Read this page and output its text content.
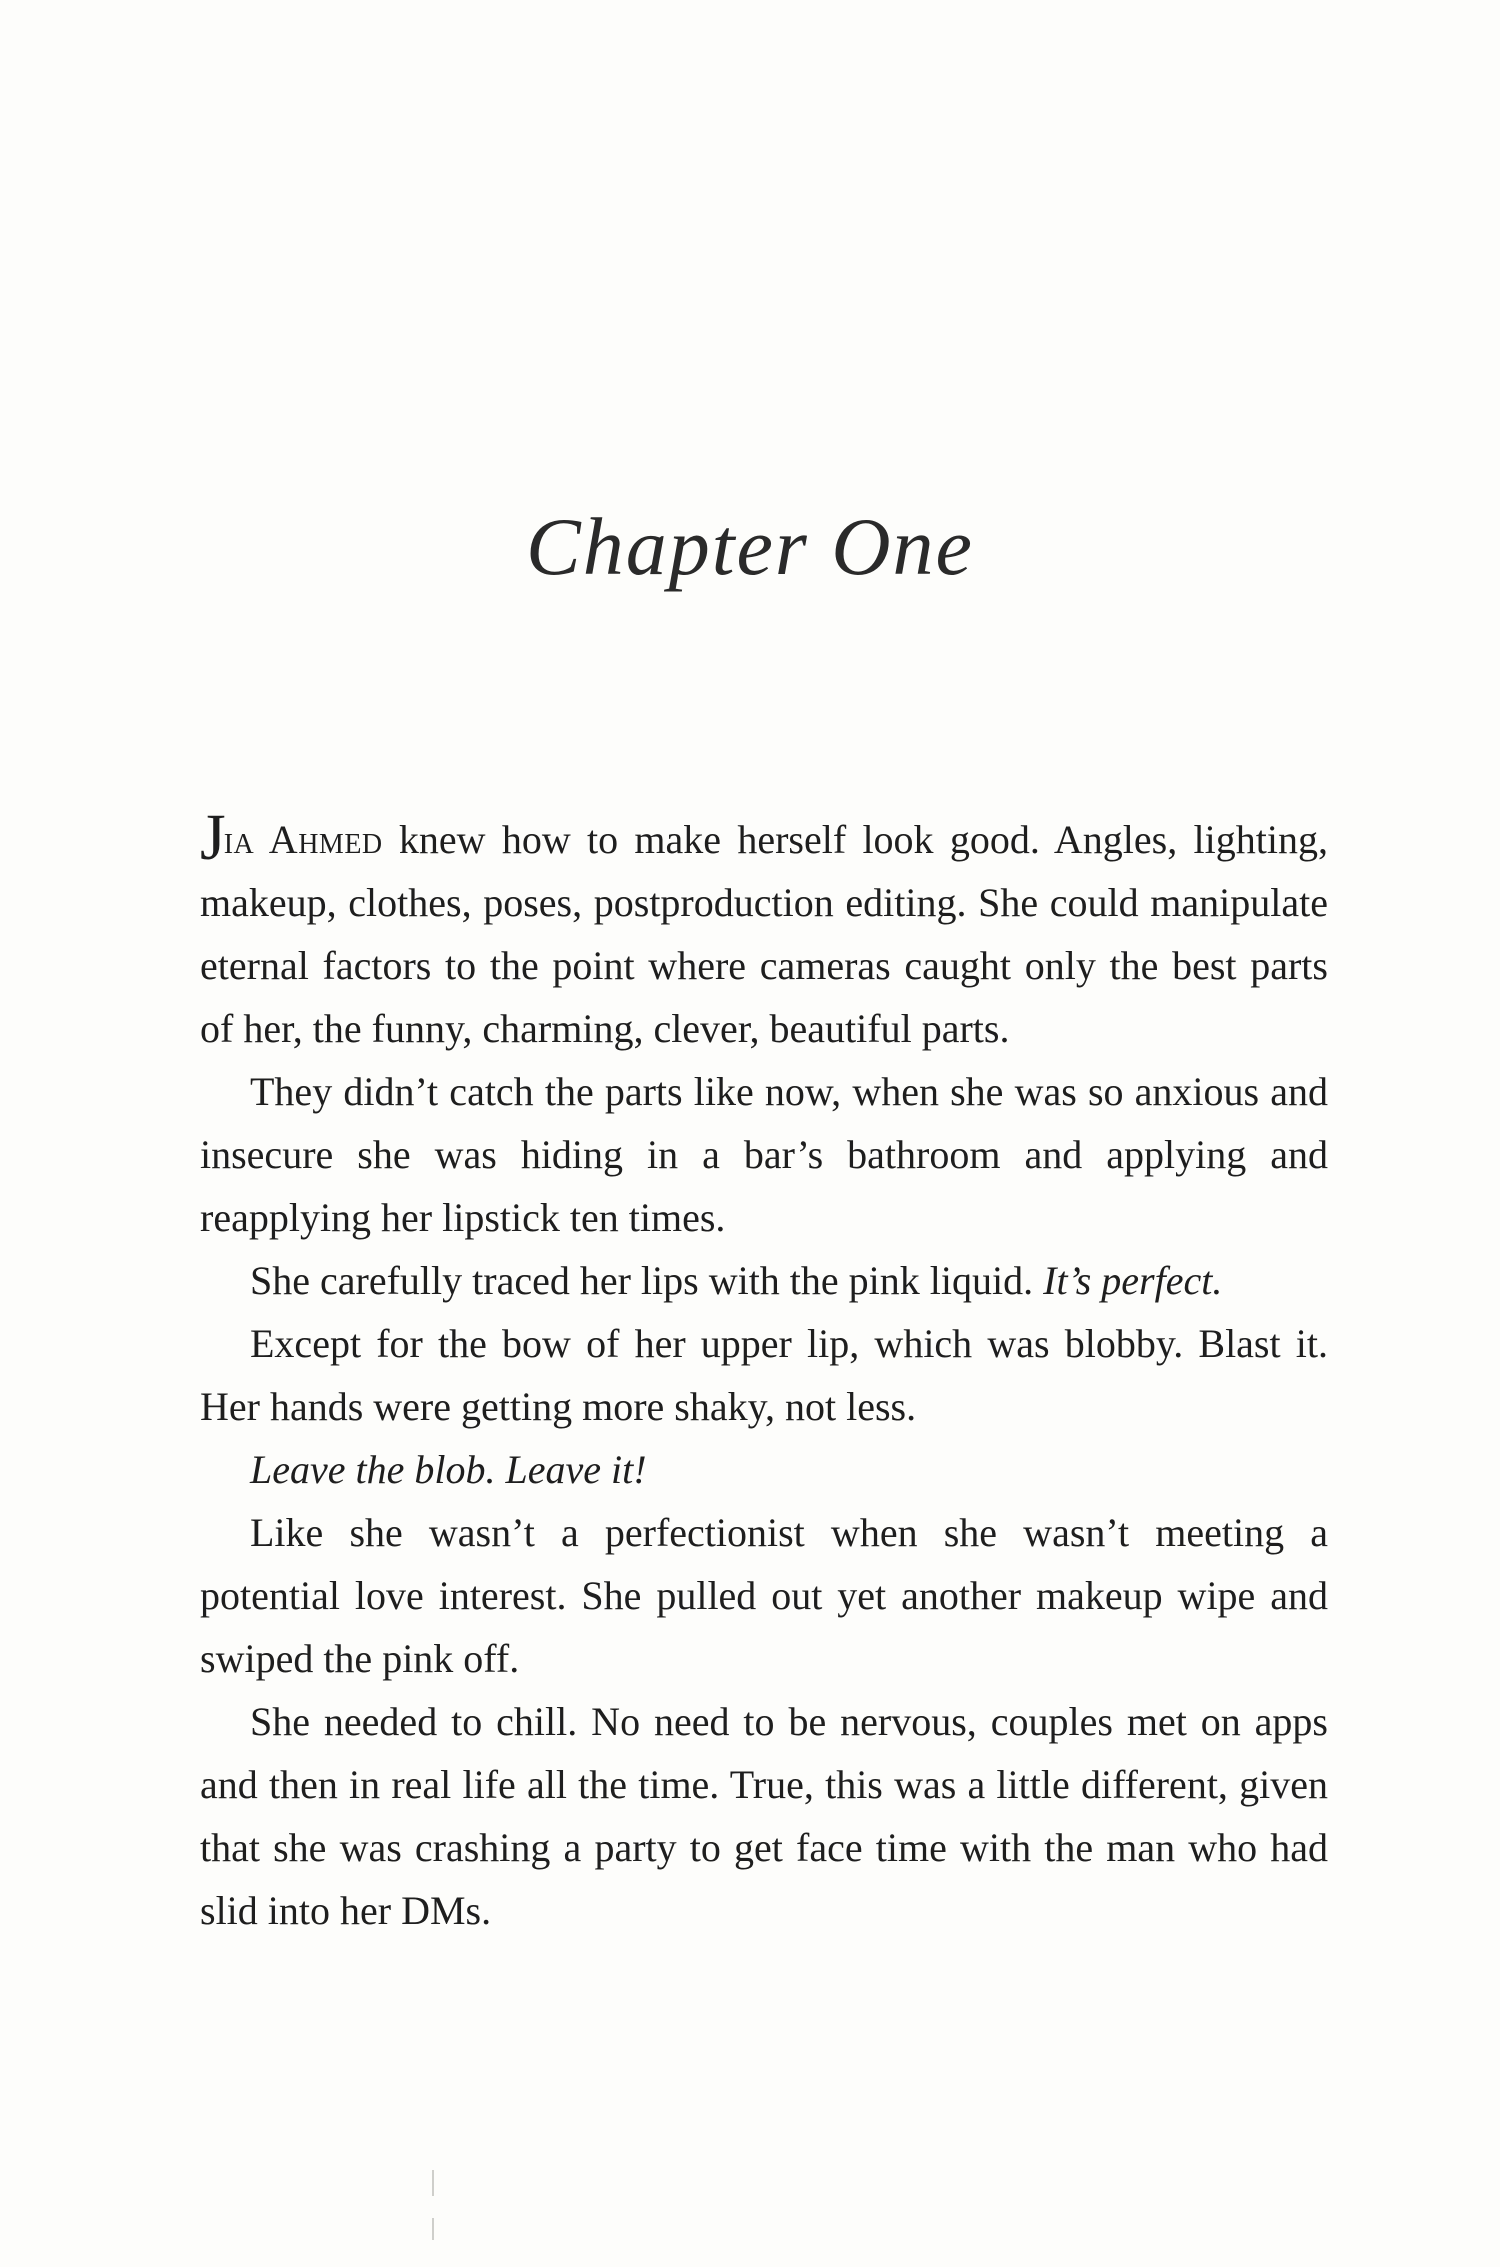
Chapter One

Jia Ahmed knew how to make herself look good. Angles, lighting, makeup, clothes, poses, postproduction editing. She could manipulate eternal factors to the point where cameras caught only the best parts of her, the funny, charming, clever, beautiful parts.

They didn’t catch the parts like now, when she was so anxious and insecure she was hiding in a bar’s bathroom and applying and reapplying her lipstick ten times.

She carefully traced her lips with the pink liquid. It’s perfect.

Except for the bow of her upper lip, which was blobby. Blast it. Her hands were getting more shaky, not less.

Leave the blob. Leave it!

Like she wasn’t a perfectionist when she wasn’t meeting a potential love interest. She pulled out yet another makeup wipe and swiped the pink off.

She needed to chill. No need to be nervous, couples met on apps and then in real life all the time. True, this was a little different, given that she was crashing a party to get face time with the man who had slid into her DMs.
